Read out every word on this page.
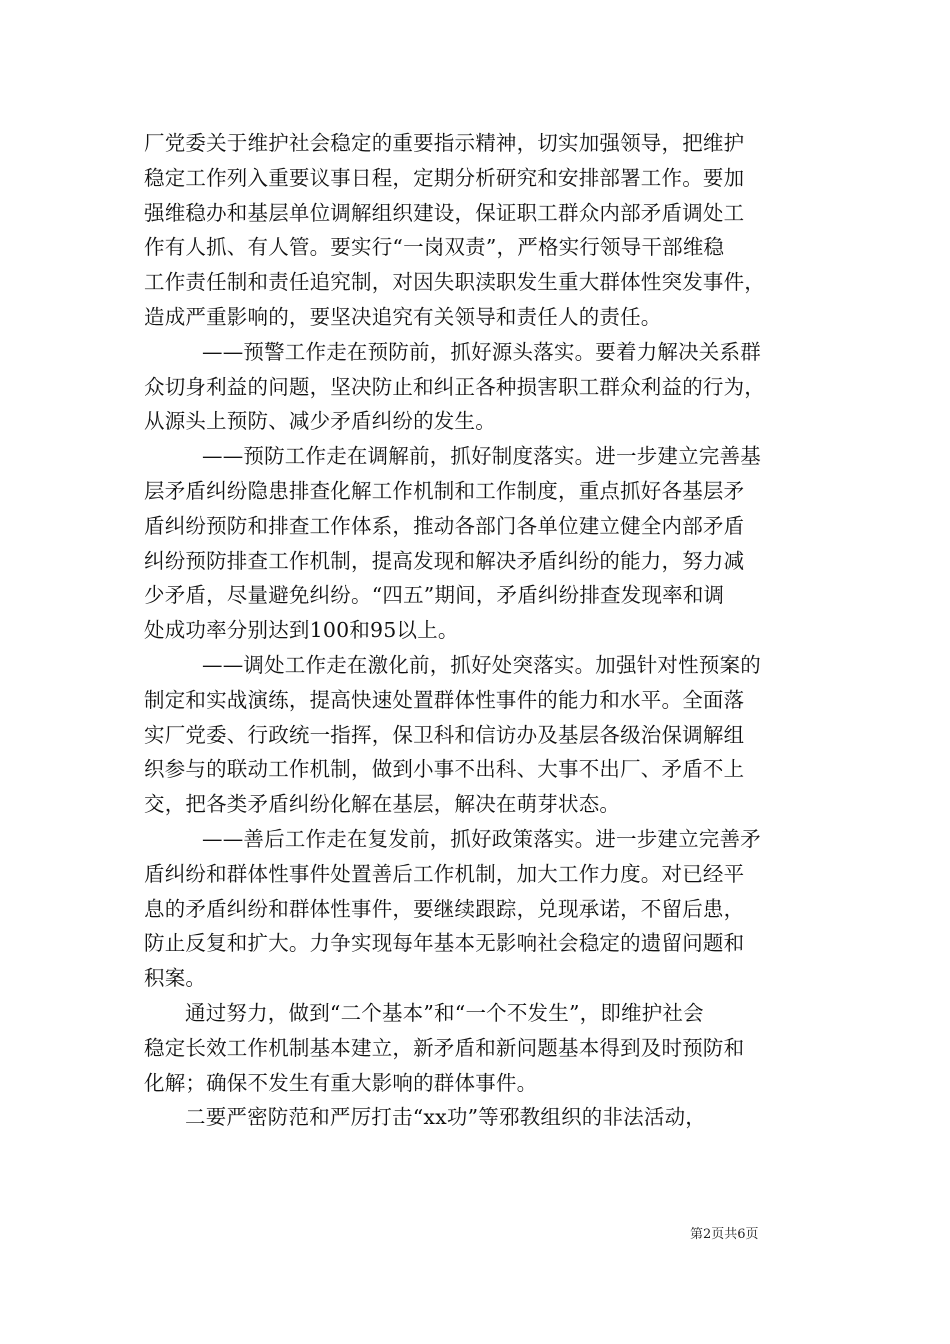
厂党委关于维护社会稳定的重要指示精神，切实加强领导，把维护
稳定工作列入重要议事日程，定期分析研究和安排部署工作。要加
强维稳办和基层单位调解组织建设，保证职工群众内部矛盾调处工
作有人抓、有人管。要实行“一岗双责”，严格实行领导干部维稳
工作责任制和责任追究制，对因失职渎职发生重大群体性突发事件，
造成严重影响的，要坚决追究有关领导和责任人的责任。
——预警工作走在预防前，抓好源头落实。要着力解决关系群
众切身利益的问题，坚决防止和纠正各种损害职工群众利益的行为，
从源头上预防、减少矛盾纠纷的发生。
——预防工作走在调解前，抓好制度落实。进一步建立完善基
层矛盾纠纷隐患排查化解工作机制和工作制度，重点抓好各基层矛
盾纠纷预防和排查工作体系，推动各部门各单位建立健全内部矛盾
纠纷预防排查工作机制，提高发现和解决矛盾纠纷的能力，努力减
少矛盾，尽量避免纠纷。“四五”期间，矛盾纠纷排查发现率和调
处成功率分别达到100和95以上。
——调处工作走在激化前，抓好处突落实。加强针对性预案的
制定和实战演练，提高快速处置群体性事件的能力和水平。全面落
实厂党委、行政统一指挥，保卫科和信访办及基层各级治保调解组
织参与的联动工作机制，做到小事不出科、大事不出厂、矛盾不上
交，把各类矛盾纠纷化解在基层，解决在萌芽状态。
——善后工作走在复发前，抓好政策落实。进一步建立完善矛
盾纠纷和群体性事件处置善后工作机制，加大工作力度。对已经平
息的矛盾纠纷和群体性事件，要继续跟踪，兑现承诺，不留后患，
防止反复和扩大。力争实现每年基本无影响社会稳定的遗留问题和
积案。
通过努力，做到“二个基本”和“一个不发生”，即维护社会
稳定长效工作机制基本建立，新矛盾和新问题基本得到及时预防和
化解；确保不发生有重大影响的群体事件。
二要严密防范和严厉打击“xx功”等邪教组织的非法活动，
第2页共6页
